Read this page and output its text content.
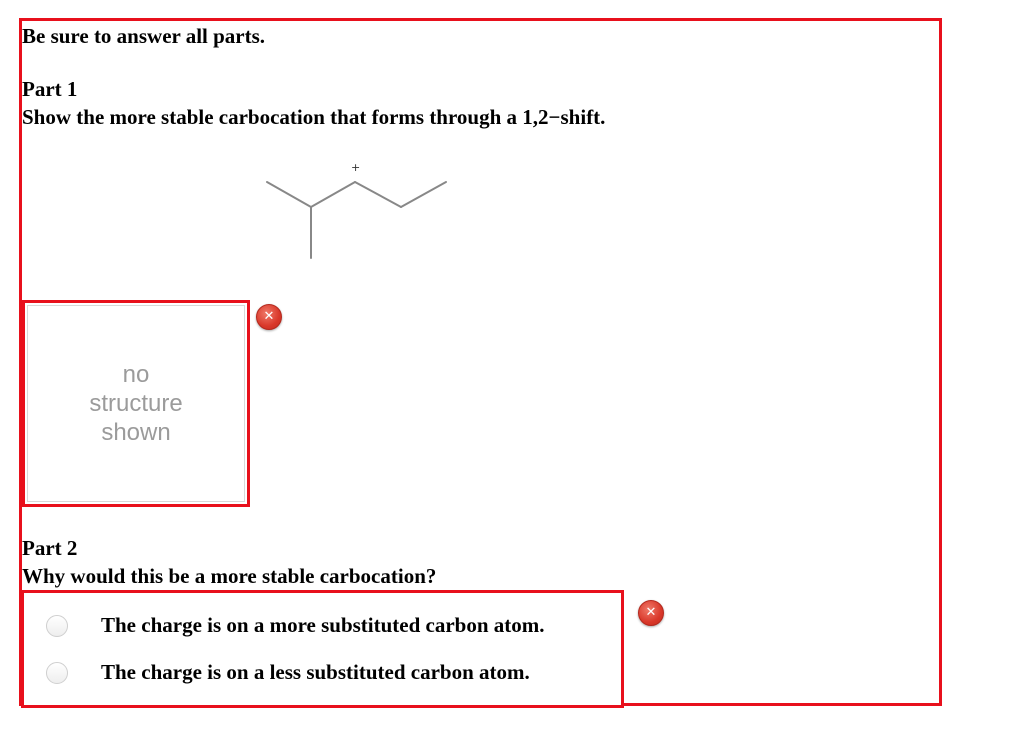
Be sure to answer all parts.

Part 1

Show the more stable carbocation that forms through a 1,2−shift.

+
no
structure
shown
✕

Part 2

Why would this be a more stable carbocation?

The charge is on a more substituted carbon atom.
The charge is on a less substituted carbon atom.
✕
